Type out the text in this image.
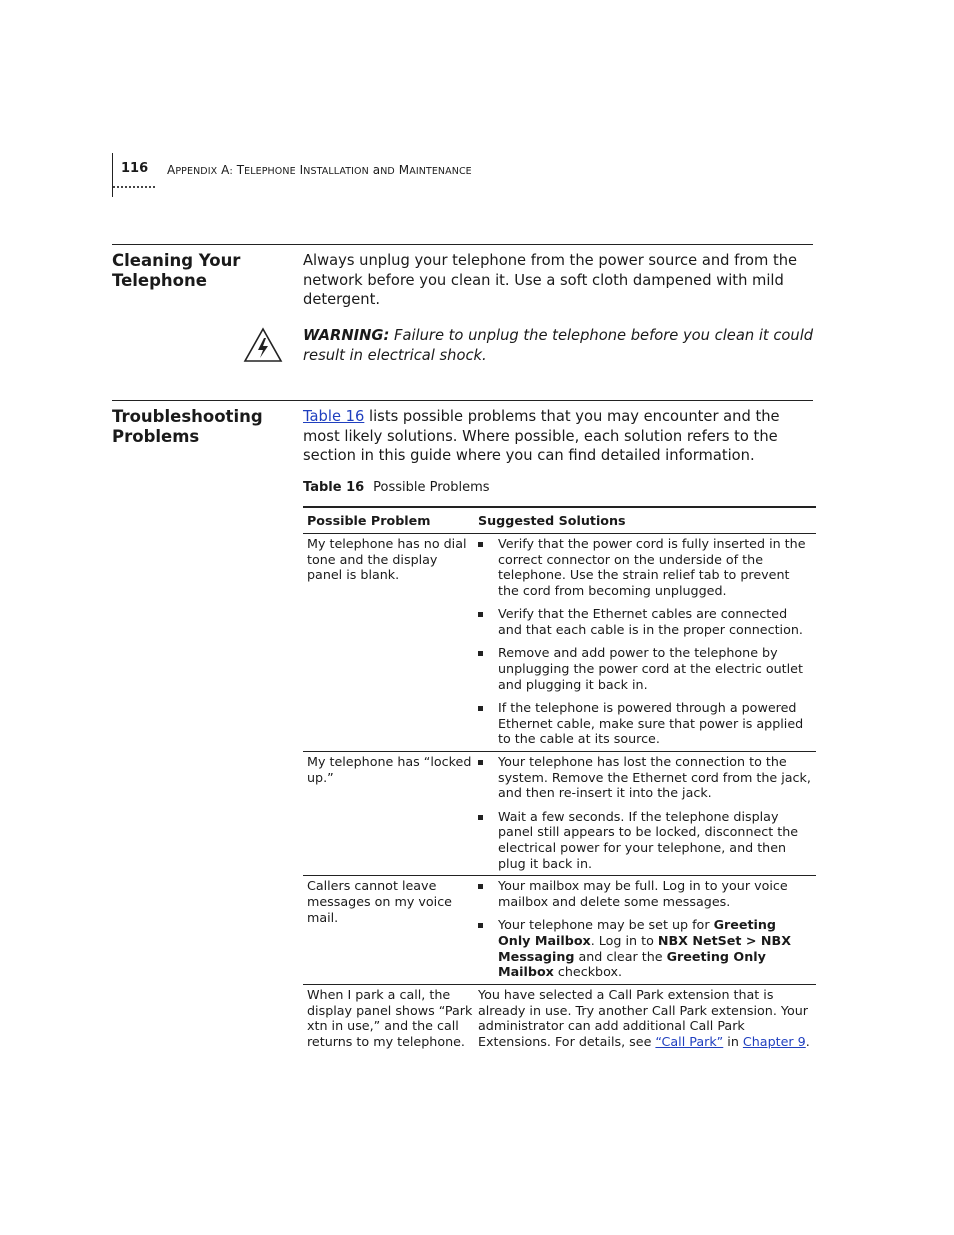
116 APPENDIX A: TELEPHONE INSTALLATION aND MAINTENANCE
Cleaning Your
Telephone

Always unplug your telephone from the power source and from the network before you clean it. Use a soft cloth dampened with mild detergent.

WARNING: Failure to unplug the telephone before you clean it could result in electrical shock.
Troubleshooting
Problems

Table 16 lists possible problems that you may encounter and the most likely solutions. Where possible, each solution refers to the section in this guide where you can find detailed information.

Table 16 Possible Problems
Possible Problem	Suggested Solutions
My telephone has no dial tone and the display panel is blank.
Verify that the power cord is fully inserted in the correct connector on the underside of the telephone. Use the strain relief tab to prevent the cord from becoming unplugged.
Verify that the Ethernet cables are connected and that each cable is in the proper connection.
Remove and add power to the telephone by unplugging the power cord at the electric outlet and plugging it back in.
If the telephone is powered through a powered Ethernet cable, make sure that power is applied to the cable at its source.
My telephone has “locked up.”
Your telephone has lost the connection to the system. Remove the Ethernet cord from the jack, and then re-insert it into the jack.
Wait a few seconds. If the telephone display panel still appears to be locked, disconnect the electrical power for your telephone, and then plug it back in.
Callers cannot leave messages on my voice mail.
Your mailbox may be full. Log in to your voice mailbox and delete some messages.
Your telephone may be set up for Greeting Only Mailbox. Log in to NBX NetSet > NBX Messaging and clear the Greeting Only Mailbox checkbox.
When I park a call, the display panel shows “Park xtn in use,” and the call returns to my telephone.
You have selected a Call Park extension that is already in use. Try another Call Park extension. Your administrator can add additional Call Park Extensions. For details, see “Call Park” in Chapter 9.
